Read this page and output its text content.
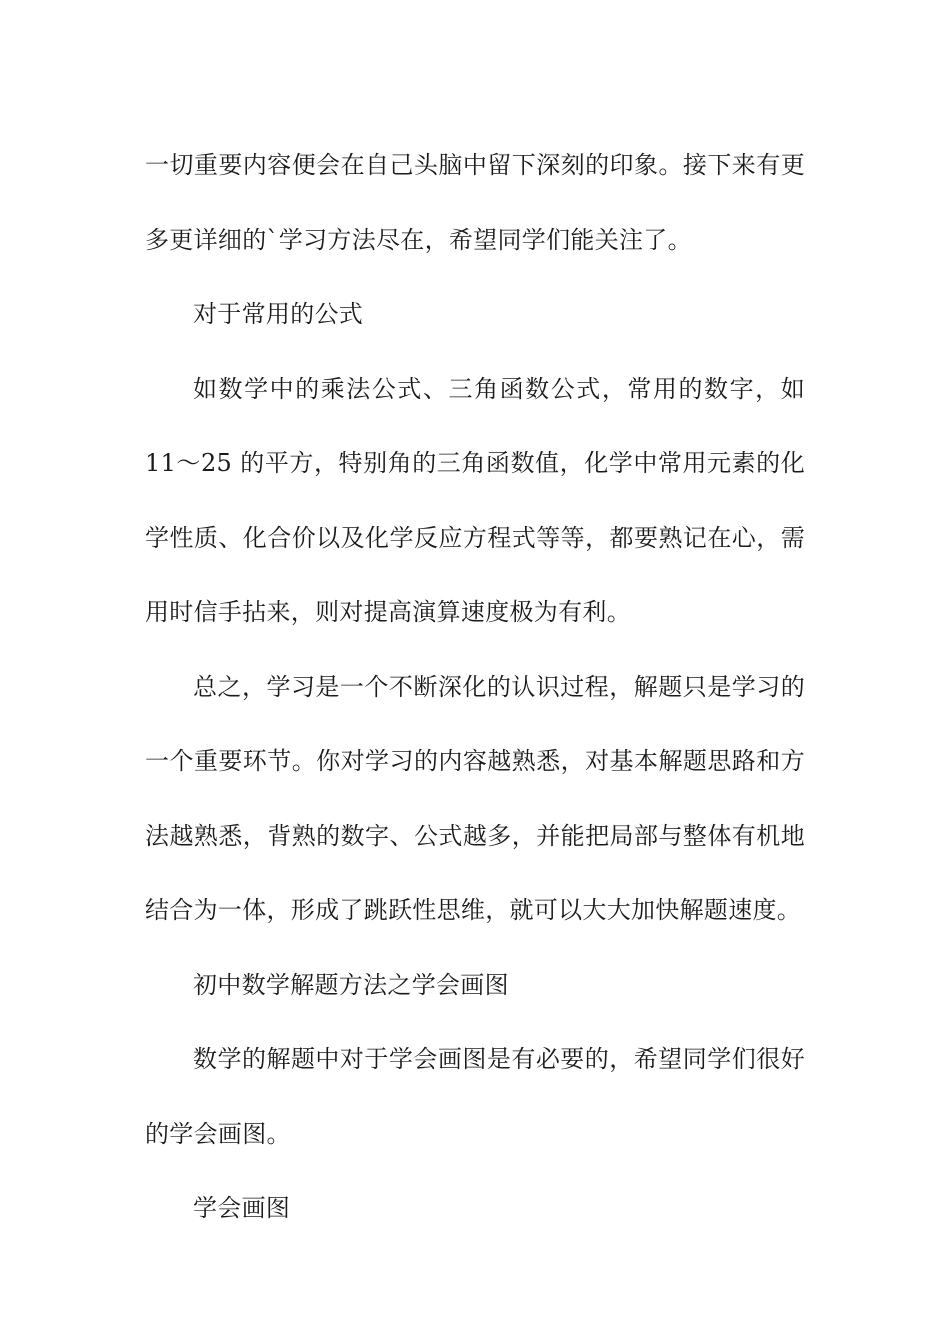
一切重要内容便会在自己头脑中留下深刻的印象。接下来有更多更详细的`学习方法尽在，希望同学们能关注了。

对于常用的公式

如数学中的乘法公式、三角函数公式，常用的数字，如 11～25 的平方，特别角的三角函数值，化学中常用元素的化学性质、化合价以及化学反应方程式等等，都要熟记在心，需用时信手拈来，则对提高演算速度极为有利。

总之，学习是一个不断深化的认识过程，解题只是学习的一个重要环节。你对学习的内容越熟悉，对基本解题思路和方法越熟悉，背熟的数字、公式越多，并能把局部与整体有机地结合为一体，形成了跳跃性思维，就可以大大加快解题速度。

初中数学解题方法之学会画图

数学的解题中对于学会画图是有必要的，希望同学们很好的学会画图。

学会画图
